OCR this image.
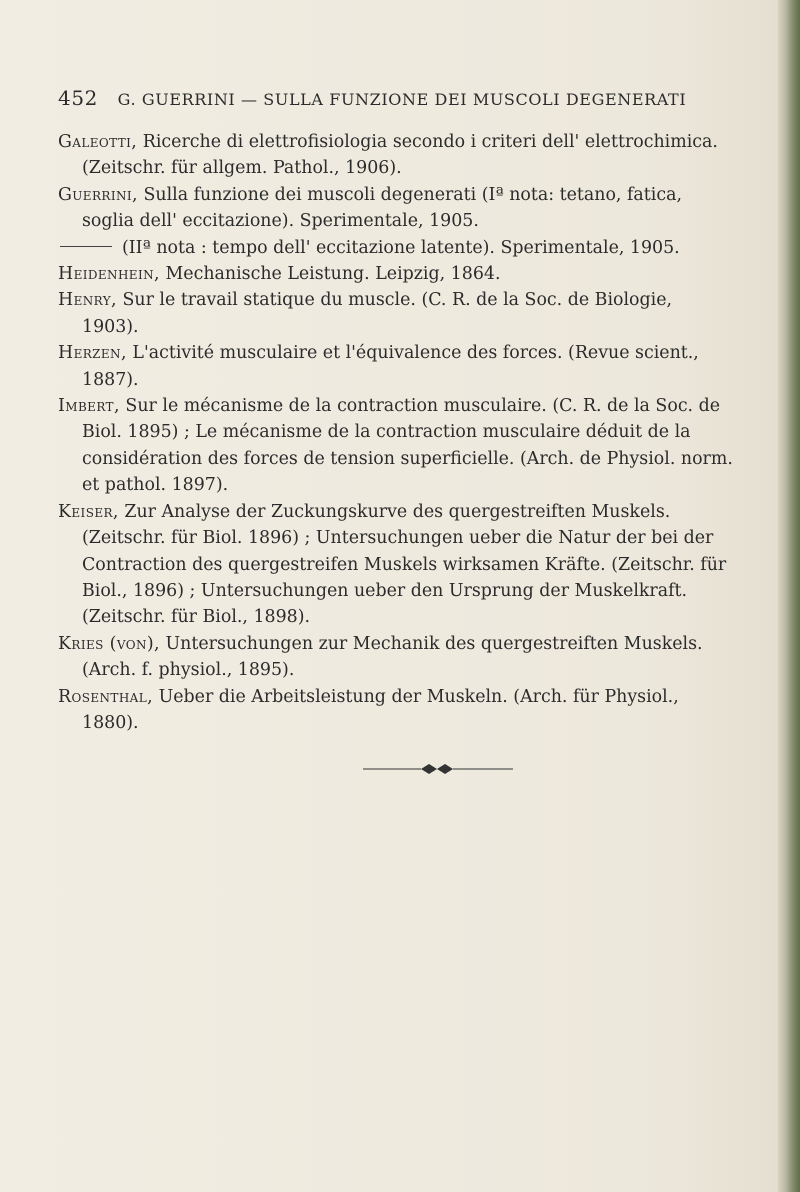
452 G. GUERRINI — SULLA FUNZIONE DEI MUSCOLI DEGENERATI

Galeotti, Ricerche di elettrofisiologia secondo i criteri dell' elettrochimica. (Zeitschr. für allgem. Pathol., 1906).

Guerrini, Sulla funzione dei muscoli degenerati (Iª nota: tetano, fatica, soglia dell' eccitazione). Sperimentale, 1905.

(IIª nota : tempo dell' eccitazione latente). Sperimentale, 1905.

Heidenhein, Mechanische Leistung. Leipzig, 1864.

Henry, Sur le travail statique du muscle. (C. R. de la Soc. de Biologie, 1903).

Herzen, L'activité musculaire et l'équivalence des forces. (Revue scient., 1887).

Imbert, Sur le mécanisme de la contraction musculaire. (C. R. de la Soc. de Biol. 1895) ; Le mécanisme de la contraction musculaire déduit de la considération des forces de tension superficielle. (Arch. de Physiol. norm. et pathol. 1897).

Keiser, Zur Analyse der Zuckungskurve des quergestreiften Muskels. (Zeitschr. für Biol. 1896) ; Untersuchungen ueber die Natur der bei der Contraction des quergestreifen Muskels wirksamen Kräfte. (Zeitschr. für Biol., 1896) ; Untersuchungen ueber den Ursprung der Muskelkraft. (Zeitschr. für Biol., 1898).

Kries (von), Untersuchungen zur Mechanik des quergestreiften Muskels. (Arch. f. physiol., 1895).

Rosenthal, Ueber die Arbeitsleistung der Muskeln. (Arch. für Physiol., 1880).
